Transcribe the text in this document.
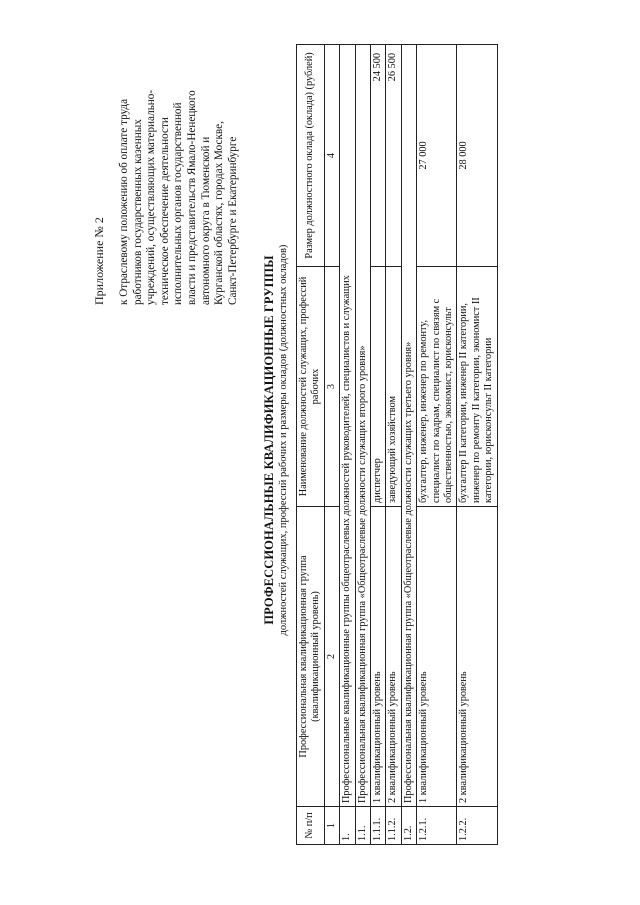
Приложение № 2 к Отраслевому положению об оплате труда работников государственных казенных учреждений, осуществляющих материально- техническое обеспечение деятельности исполнительных органов государственной власти и представительств Ямало-Ненецкого автономного округа в Тюменской и Курганской областях, городах Москве, Санкт-Петербурге и Екатеринбурге
ПРОФЕССИОНАЛЬНЫЕ КВАЛИФИКАЦИОННЫЕ ГРУППЫ должностей служащих, профессий рабочих и размеры окладов (должностных окладов)
№ п/п	Профессиональная квалификационная группа (квалификационный уровень)	Наименование должностей служащих, профессий рабочих	Размер должностного оклада (оклада) (рублей)
1	2	3	4
1.	Профессиональные квалификационные группы общеотраслевых должностей руководителей, специалистов и служащих		
1.1.	Профессиональная квалификационная группа «Общеотраслевые должности служащих второго уровня»		
1.1.1.	1 квалификационный уровень	диспетчер	24 500
1.1.2.	2 квалификационный уровень	заведующий хозяйством	26 500
1.2.	Профессиональная квалификационная группа «Общеотраслевые должности служащих третьего уровня»		
1.2.1.	1 квалификационный уровень	бухгалтер, инженер, инженер по ремонту, специалист по кадрам, специалист по связям с общественностью, экономист, юрисконсульт	27 000
1.2.2.	2 квалификационный уровень	бухгалтер II категории, инженер II категории, инженер по ремонту II категории, экономист II категории, юрисконсульт II категории	28 000
